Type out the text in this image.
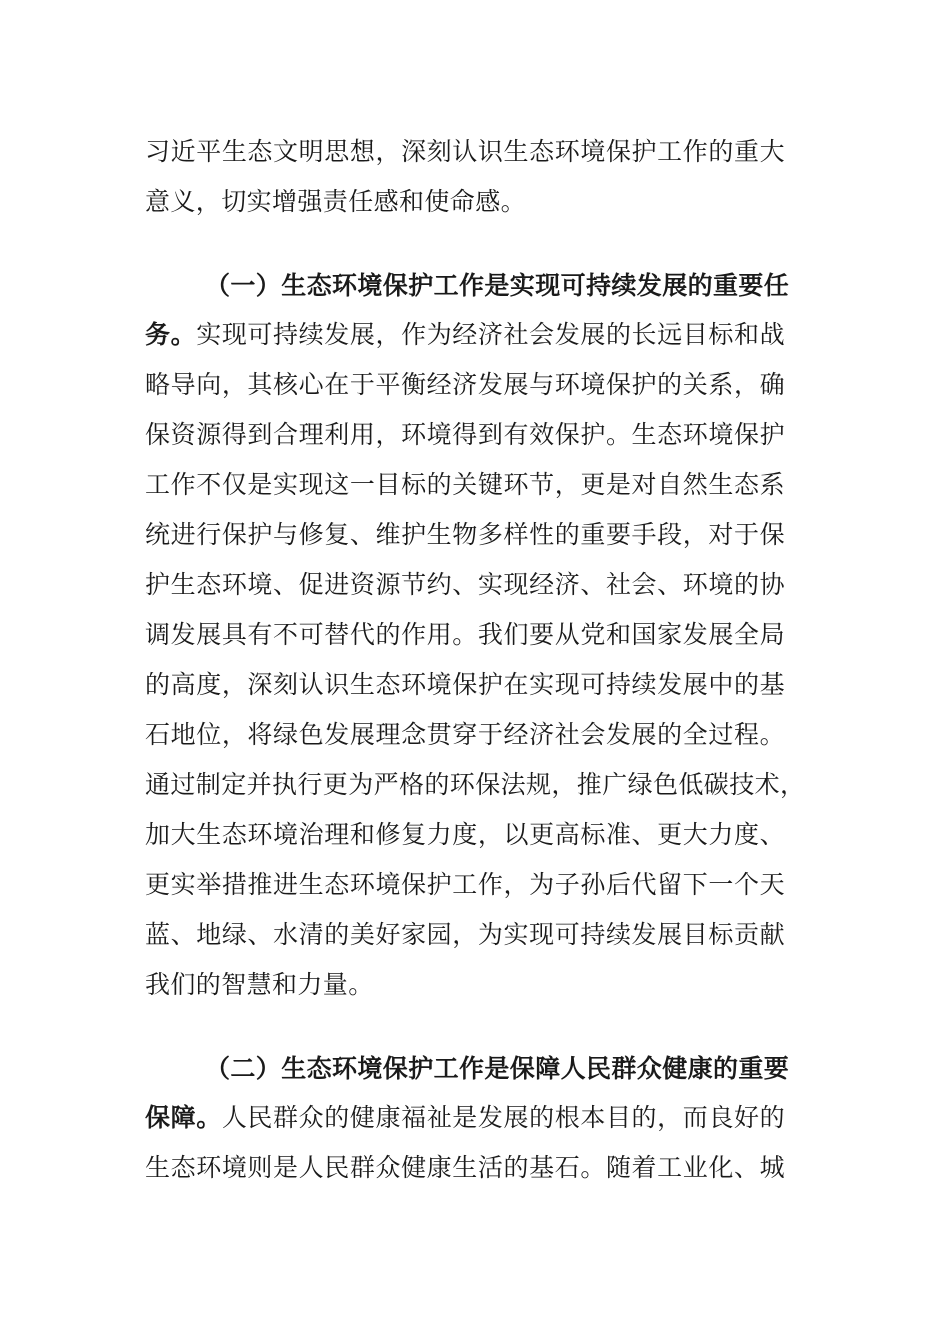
习近平生态文明思想，深刻认识生态环境保护工作的重大
意义，切实增强责任感和使命感。
（一）生态环境保护工作是实现可持续发展的重要任
务。实现可持续发展，作为经济社会发展的长远目标和战
略导向，其核心在于平衡经济发展与环境保护的关系，确
保资源得到合理利用，环境得到有效保护。生态环境保护
工作不仅是实现这一目标的关键环节，更是对自然生态系
统进行保护与修复、维护生物多样性的重要手段，对于保
护生态环境、促进资源节约、实现经济、社会、环境的协
调发展具有不可替代的作用。我们要从党和国家发展全局
的高度，深刻认识生态环境保护在实现可持续发展中的基
石地位，将绿色发展理念贯穿于经济社会发展的全过程。
通过制定并执行更为严格的环保法规，推广绿色低碳技术，
加大生态环境治理和修复力度，以更高标准、更大力度、
更实举措推进生态环境保护工作，为子孙后代留下一个天
蓝、地绿、水清的美好家园，为实现可持续发展目标贡献
我们的智慧和力量。
（二）生态环境保护工作是保障人民群众健康的重要
保障。人民群众的健康福祉是发展的根本目的，而良好的
生态环境则是人民群众健康生活的基石。随着工业化、城
